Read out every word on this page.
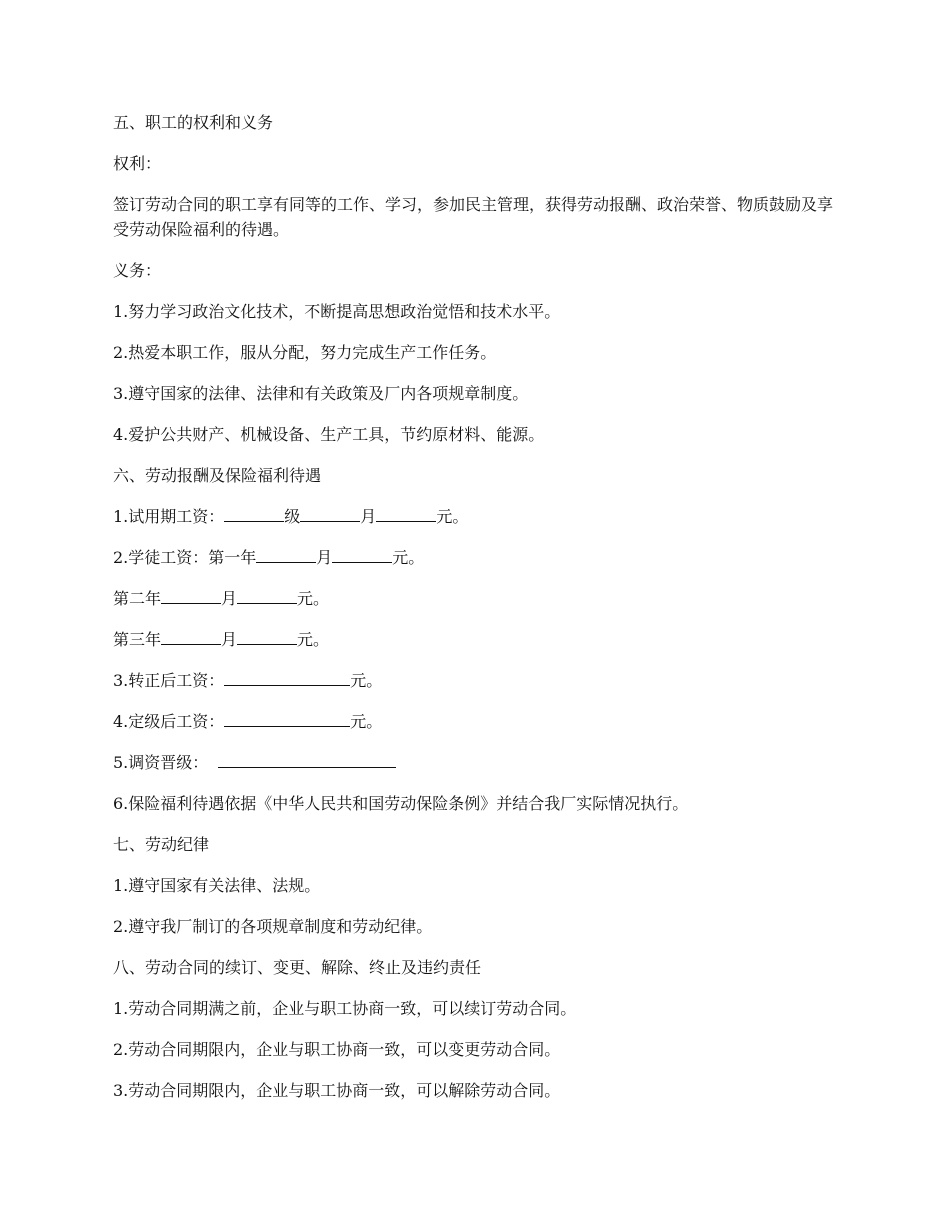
五、职工的权利和义务

权利：

签订劳动合同的职工享有同等的工作、学习，参加民主管理，获得劳动报酬、政治荣誉、物质鼓励及享受劳动保险福利的待遇。

义务：

1.努力学习政治文化技术，不断提高思想政治觉悟和技术水平。

2.热爱本职工作，服从分配，努力完成生产工作任务。

3.遵守国家的法律、法律和有关政策及厂内各项规章制度。

4.爱护公共财产、机械设备、生产工具，节约原材料、能源。

六、劳动报酬及保险福利待遇

1.试用期工资：	级	月	元。

2.学徒工资：第一年	月	元。

第二年	月	元。

第三年	月	元。

3.转正后工资：	元。

4.定级后工资：	元。

5.调资晋级：

6.保险福利待遇依据《中华人民共和国劳动保险条例》并结合我厂实际情况执行。

七、劳动纪律

1.遵守国家有关法律、法规。

2.遵守我厂制订的各项规章制度和劳动纪律。

八、劳动合同的续订、变更、解除、终止及违约责任

1.劳动合同期满之前，企业与职工协商一致，可以续订劳动合同。

2.劳动合同期限内，企业与职工协商一致，可以变更劳动合同。

3.劳动合同期限内，企业与职工协商一致，可以解除劳动合同。
